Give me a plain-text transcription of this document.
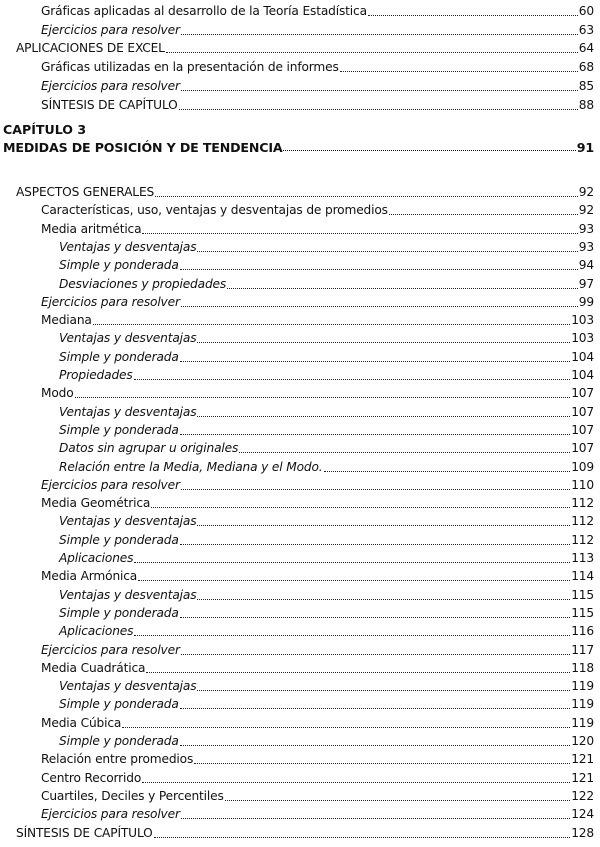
Gráficas aplicadas al desarrollo de la Teoría Estadística	60
Ejercicios para resolver	63
APLICACIONES DE EXCEL	64
Gráficas utilizadas en la presentación de informes	68
Ejercicios para resolver	85
SÍNTESIS DE CAPÍTULO	88
CAPÍTULO 3
MEDIDAS DE POSICIÓN Y DE TENDENCIA	91
ASPECTOS GENERALES	92
Características, uso, ventajas y desventajas de promedios	92
Media aritmética	93
Ventajas y desventajas	93
Simple y ponderada	94
Desviaciones y propiedades	97
Ejercicios para resolver	99
Mediana	103
Ventajas y desventajas	103
Simple y ponderada	104
Propiedades	104
Modo	107
Ventajas y desventajas	107
Simple y ponderada	107
Datos sin agrupar u originales	107
Relación entre la Media, Mediana y el Modo.	109
Ejercicios para resolver	110
Media Geométrica	112
Ventajas y desventajas	112
Simple y ponderada	112
Aplicaciones	113
Media Armónica	114
Ventajas y desventajas	115
Simple y ponderada	115
Aplicaciones	116
Ejercicios para resolver	117
Media Cuadrática	118
Ventajas y desventajas	119
Simple y ponderada	119
Media Cúbica	119
Simple y ponderada	120
Relación entre promedios	121
Centro Recorrido	121
Cuartiles, Deciles y Percentiles	122
Ejercicios para resolver	124
SÍNTESIS DE CAPÍTULO	128
